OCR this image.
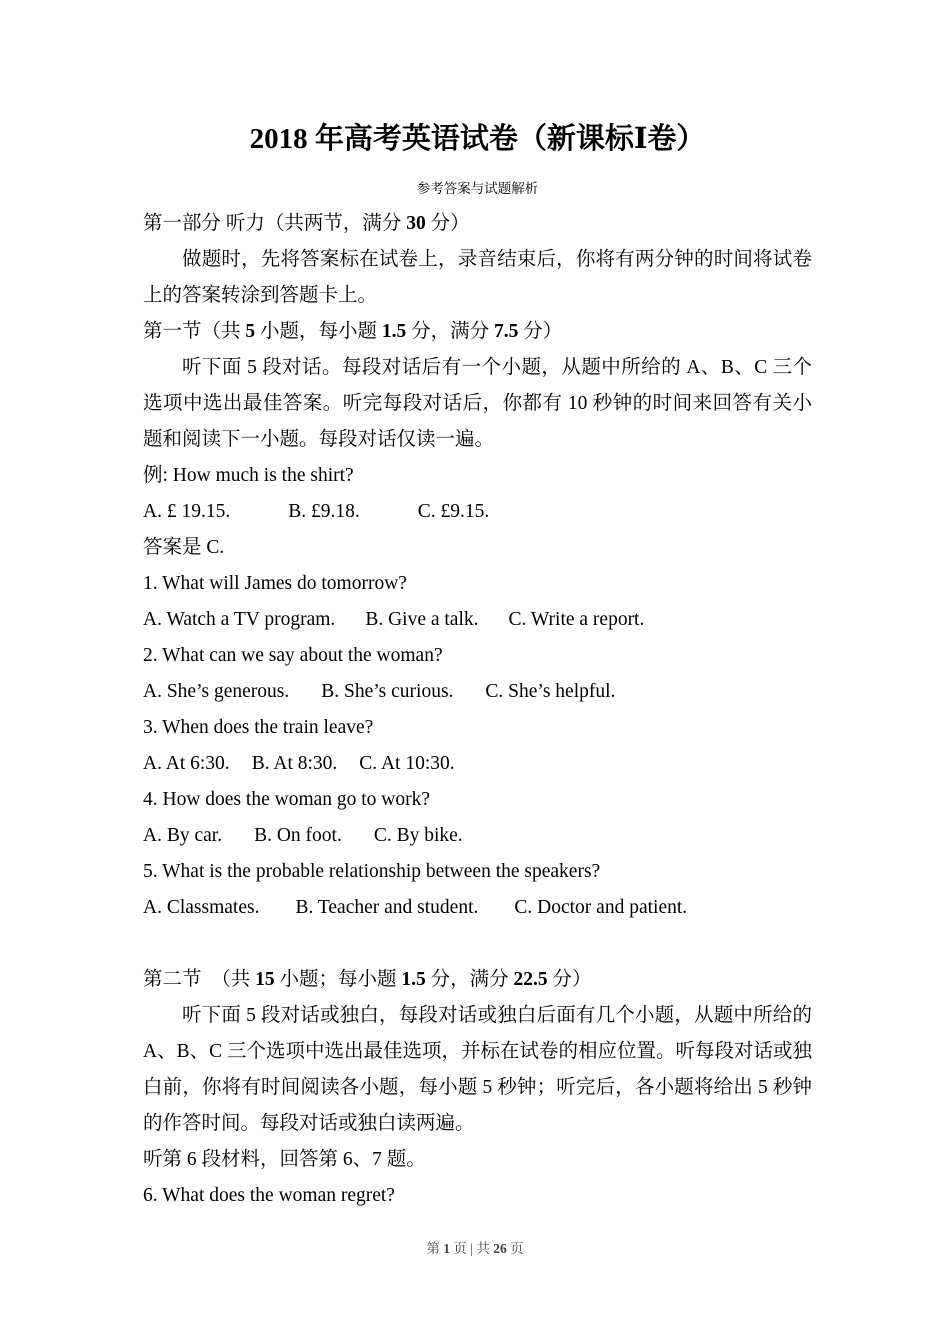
2018 年高考英语试卷（新课标Ⅰ卷）
参考答案与试题解析
第一部分 听力（共两节，满分 30 分）
做题时，先将答案标在试卷上，录音结束后，你将有两分钟的时间将试卷上的答案转涂到答题卡上。
第一节（共 5 小题，每小题 1.5 分，满分 7.5 分）
听下面 5 段对话。每段对话后有一个小题，从题中所给的 A、B、C 三个选项中选出最佳答案。听完每段对话后，你都有 10 秒钟的时间来回答有关小题和阅读下一小题。每段对话仅读一遍。
例: How much is the shirt?
A. £ 19.15.	B. £9.18.	C. £9.15.
答案是 C.
1. What will James do tomorrow?
A. Watch a TV program. B. Give a talk. C. Write a report.
2. What can we say about the woman?
A. She’s generous. B. She’s curious. C. She’s helpful.
3. When does the train leave?
A. At 6:30. B. At 8:30. C. At 10:30.
4. How does the woman go to work?
A. By car. B. On foot. C. By bike.
5. What is the probable relationship between the speakers?
A. Classmates. B. Teacher and student. C. Doctor and patient.
第二节　（共 15 小题；每小题 1.5 分，满分 22.5 分）
听下面 5 段对话或独白，每段对话或独白后面有几个小题，从题中所给的 A、B、C 三个选项中选出最佳选项，并标在试卷的相应位置。听每段对话或独白前，你将有时间阅读各小题，每小题 5 秒钟；听完后，各小题将给出 5 秒钟的作答时间。每段对话或独白读两遍。
听第 6 段材料，回答第 6、7 题。
6. What does the woman regret?
第 1 页 | 共 26 页
